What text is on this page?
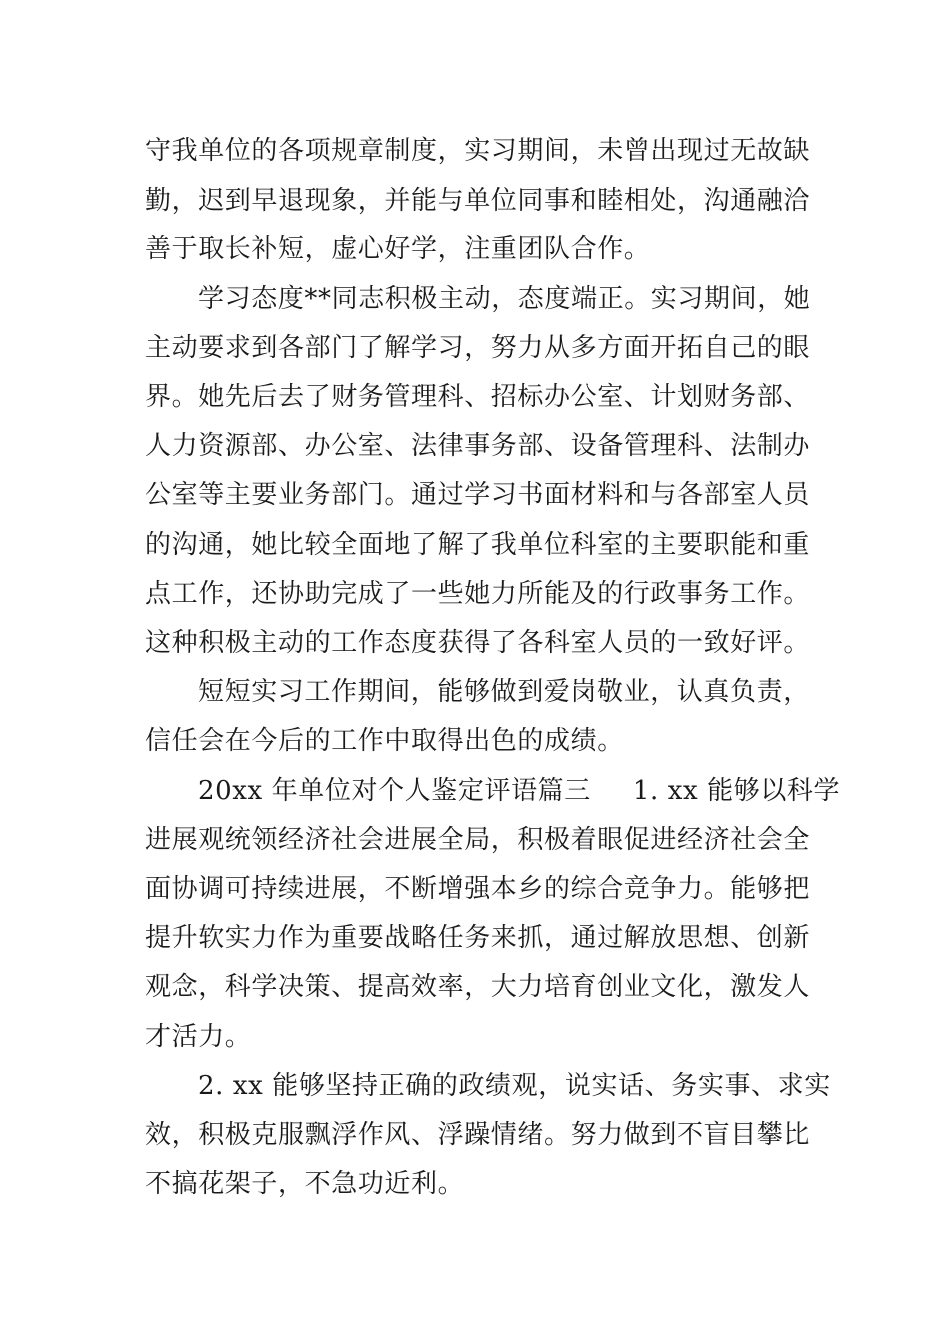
守我单位的各项规章制度，实习期间，未曾出现过无故缺
勤，迟到早退现象，并能与单位同事和睦相处，沟通融洽
善于取长补短，虚心好学，注重团队合作。
学习态度**同志积极主动，态度端正。实习期间，她
主动要求到各部门了解学习，努力从多方面开拓自己的眼
界。她先后去了财务管理科、招标办公室、计划财务部、
人力资源部、办公室、法律事务部、设备管理科、法制办
公室等主要业务部门。通过学习书面材料和与各部室人员
的沟通，她比较全面地了解了我单位科室的主要职能和重
点工作，还协助完成了一些她力所能及的行政事务工作。
这种积极主动的工作态度获得了各科室人员的一致好评。
短短实习工作期间，能够做到爱岗敬业，认真负责，
信任会在今后的工作中取得出色的成绩。
20xx 年单位对个人鉴定评语篇三 1. xx 能够以科学
进展观统领经济社会进展全局，积极着眼促进经济社会全
面协调可持续进展，不断增强本乡的综合竞争力。能够把
提升软实力作为重要战略任务来抓，通过解放思想、创新
观念，科学决策、提高效率，大力培育创业文化，激发人
才活力。
2. xx 能够坚持正确的政绩观，说实话、务实事、求实
效，积极克服飘浮作风、浮躁情绪。努力做到不盲目攀比
不搞花架子，不急功近利。
